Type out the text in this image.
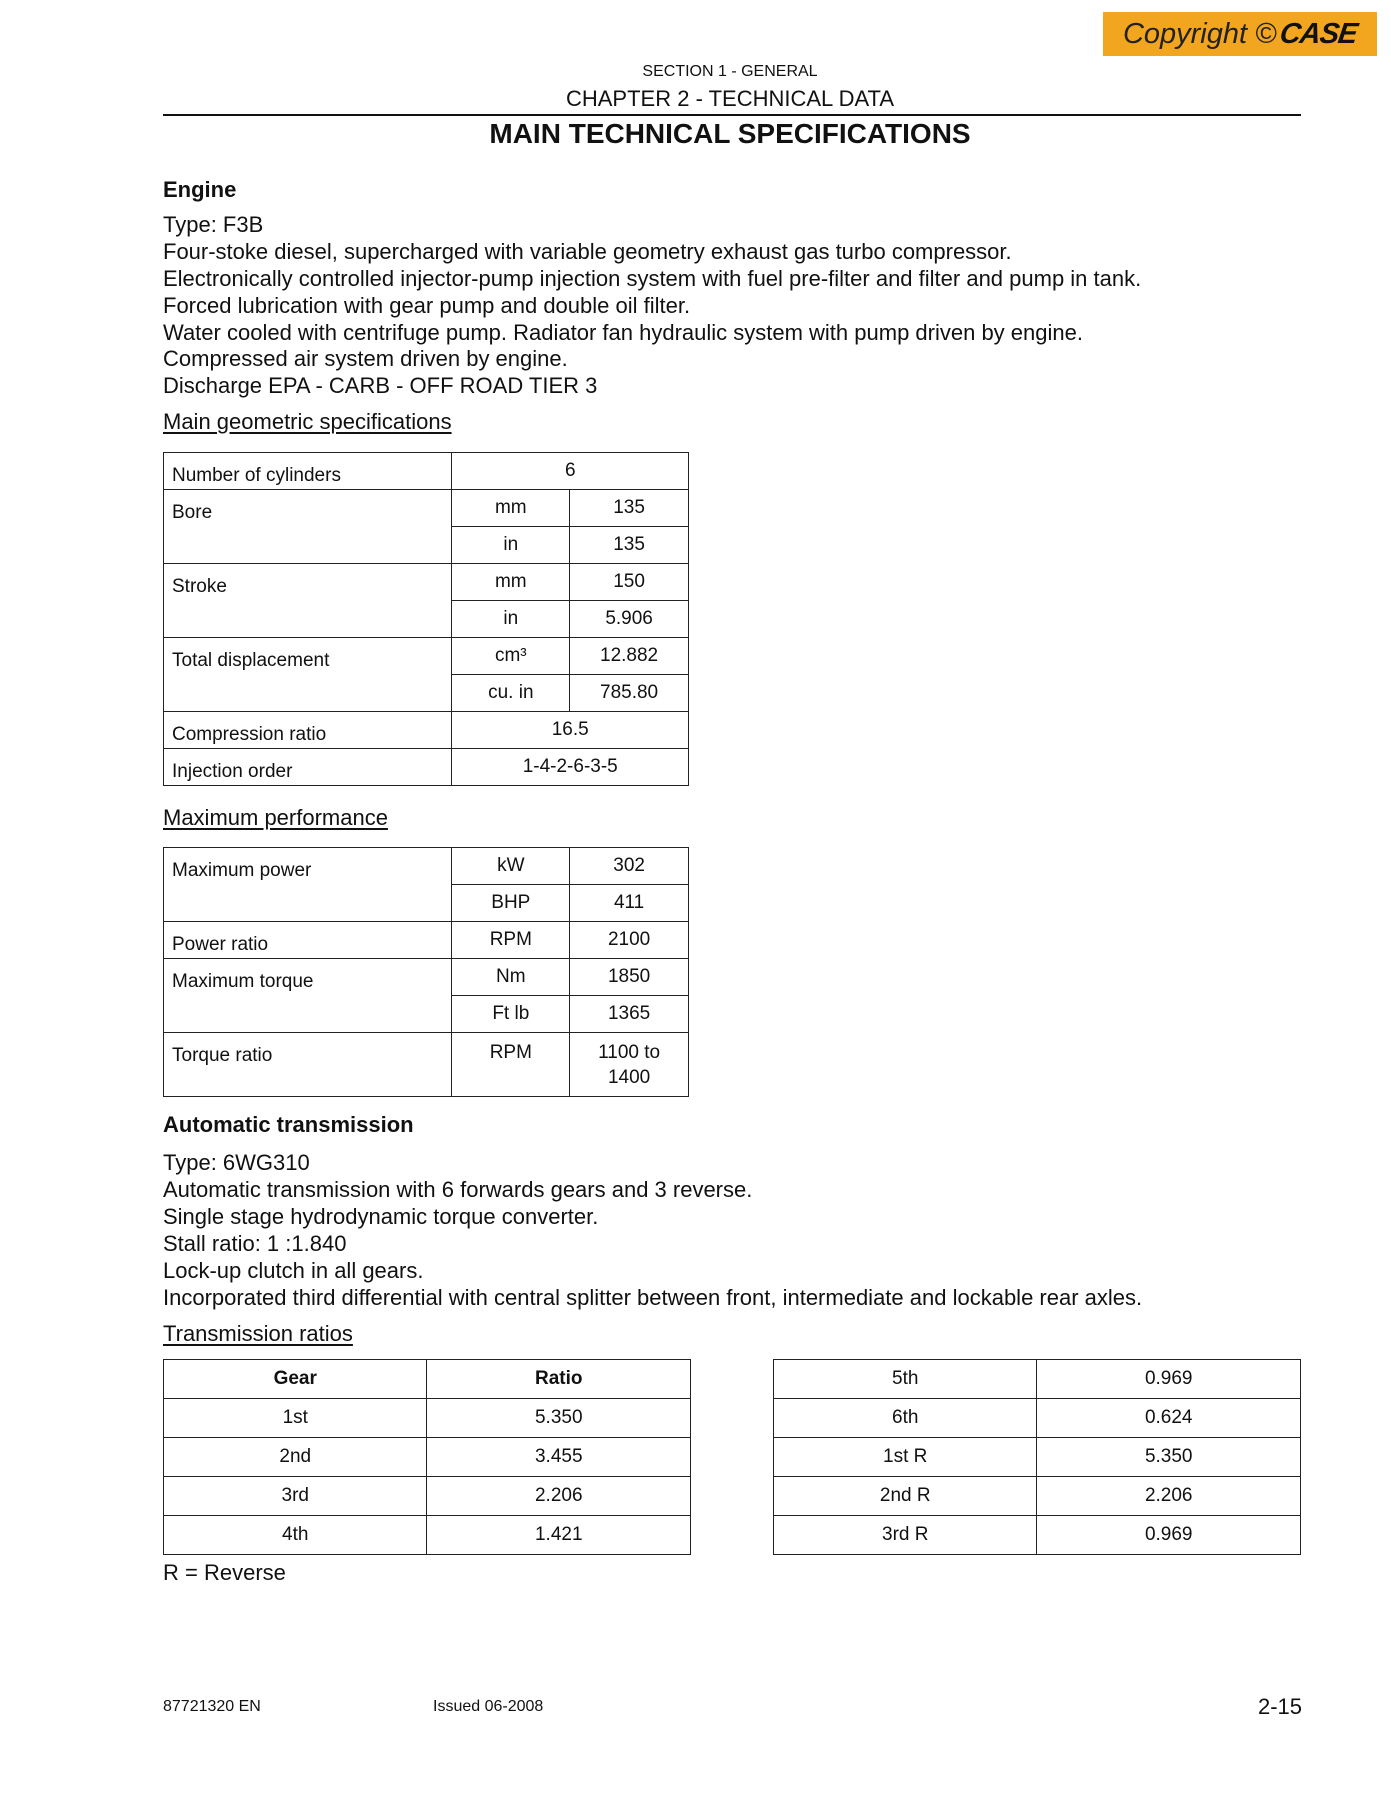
Copyright © CASE
SECTION 1 - GENERAL
CHAPTER 2 - TECHNICAL DATA
MAIN TECHNICAL SPECIFICATIONS
Engine
Type: F3B
Four-stoke diesel, supercharged with variable geometry exhaust gas turbo compressor.
Electronically controlled injector-pump injection system with fuel pre-filter and filter and pump in tank.
Forced lubrication with gear pump and double oil filter.
Water cooled with centrifuge pump. Radiator fan hydraulic system with pump driven by engine.
Compressed air system driven by engine.
Discharge EPA - CARB - OFF ROAD TIER 3
Main geometric specifications
Number of cylinders	6	
Bore	mm	135
	in	135
Stroke	mm	150
	in	5.906
Total displacement	cm³	12.882
	cu. in	785.80
Compression ratio	16.5	
Injection order	1-4-2-6-3-5	
Maximum performance
Maximum power	kW	302
	BHP	411
Power ratio	RPM	2100
Maximum torque	Nm	1850
	Ft lb	1365
Torque ratio	RPM	1100 to
1400
Automatic transmission
Type: 6WG310
Automatic transmission with 6 forwards gears and 3 reverse.
Single stage hydrodynamic torque converter.
Stall ratio: 1 :1.840
Lock-up clutch in all gears.
Incorporated third differential with central splitter between front, intermediate and lockable rear axles.
Transmission ratios
Gear	Ratio
1st	5.350
2nd	3.455
3rd	2.206
4th	1.421
5th	0.969
6th	0.624
1st R	5.350
2nd R	2.206
3rd R	0.969
R = Reverse
87721320 EN	Issued 06-2008	2-15
